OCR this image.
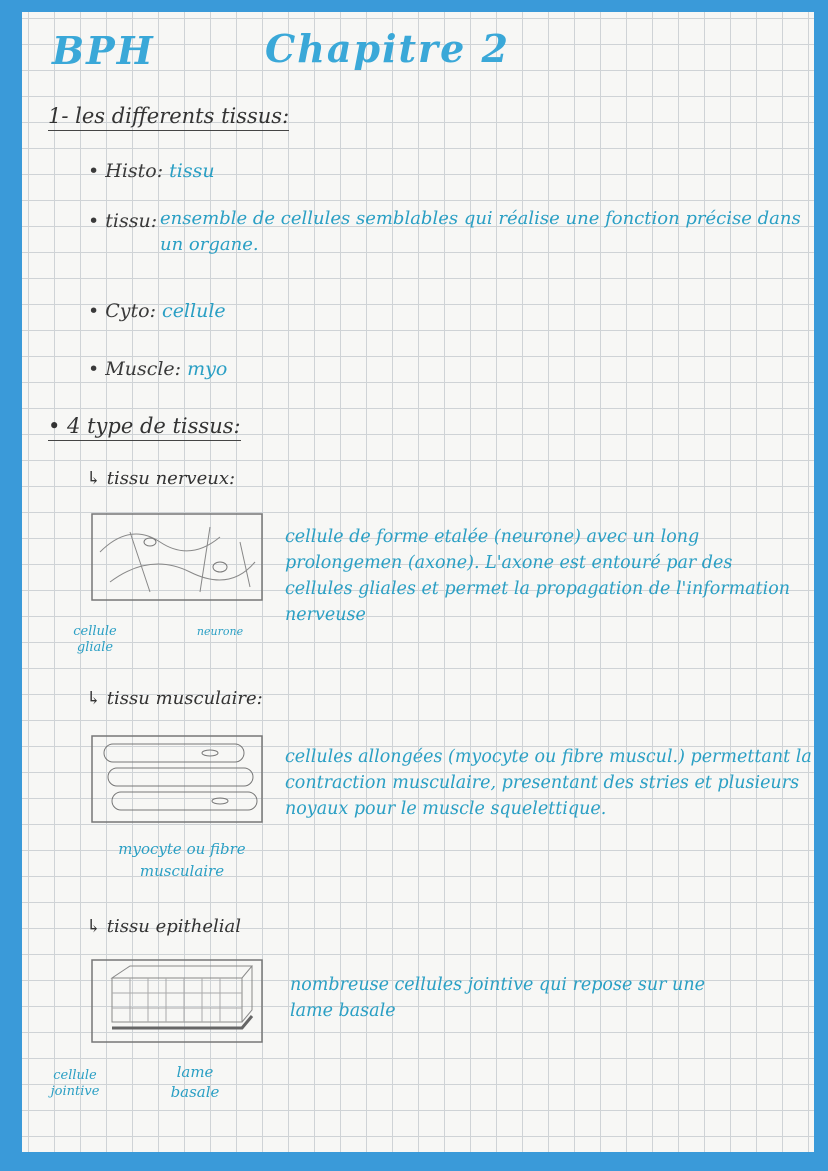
BPH	Chapitre 2
1- les differents tissus:
• Histo: tissu
• tissu: ensemble de cellules semblables qui réalise une fonction précise dans un organe.
• Cyto: cellule
• Muscle: myo
• 4 type de tissus:
↳ tissu nerveux:
cellule gliale
neurone
cellule de forme etalée (neurone) avec un long prolongemen (axone). L'axone est entouré par des cellules gliales et permet la propagation de l'information nerveuse
↳ tissu musculaire:
myocyte ou fibre musculaire
cellules allongées (myocyte ou fibre muscul.) permettant la contraction musculaire, presentant des stries et plusieurs noyaux pour le muscle squelettique.
↳ tissu epithelial
cellule jointive
lame basale
nombreuse cellules jointive qui repose sur une lame basale
